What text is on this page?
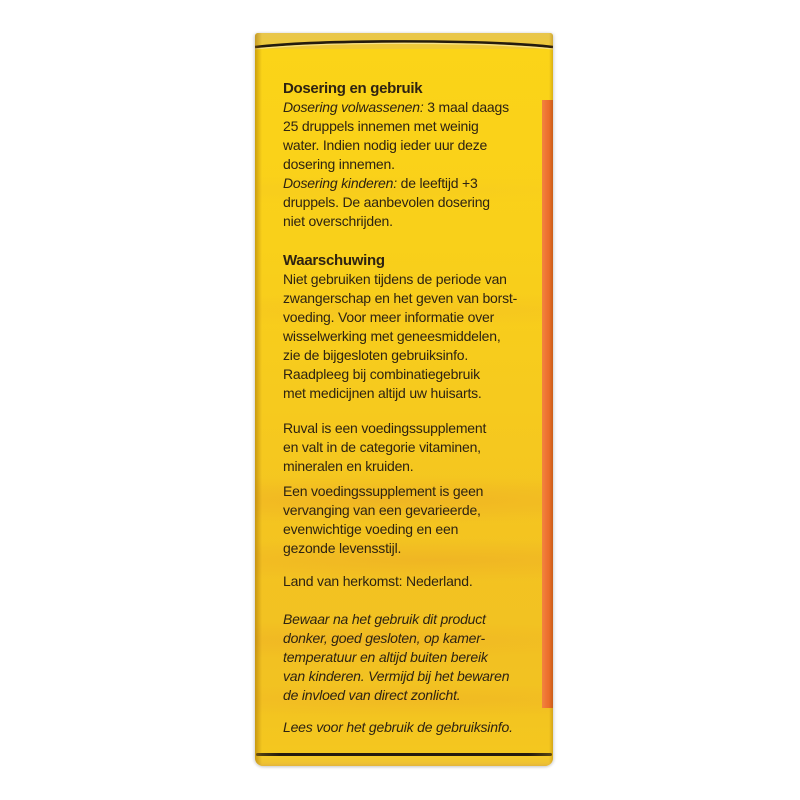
Dosering en gebruik
Dosering volwassenen: 3 maal daags
25 druppels innemen met weinig
water. Indien nodig ieder uur deze
dosering innemen.
Dosering kinderen: de leeftijd +3
druppels. De aanbevolen dosering
niet overschrijden.
Waarschuwing
Niet gebruiken tijdens de periode van
zwangerschap en het geven van borst-
voeding. Voor meer informatie over
wisselwerking met geneesmiddelen,
zie de bijgesloten gebruiksinfo.
Raadpleeg bij combinatiegebruik
met medicijnen altijd uw huisarts.
Ruval is een voedingssupplement
en valt in de categorie vitaminen,
mineralen en kruiden.
Een voedingssupplement is geen
vervanging van een gevarieerde,
evenwichtige voeding en een
gezonde levensstijl.
Land van herkomst: Nederland.
Bewaar na het gebruik dit product
donker, goed gesloten, op kamer-
temperatuur en altijd buiten bereik
van kinderen. Vermijd bij het bewaren
de invloed van direct zonlicht.
Lees voor het gebruik de gebruiksinfo.
